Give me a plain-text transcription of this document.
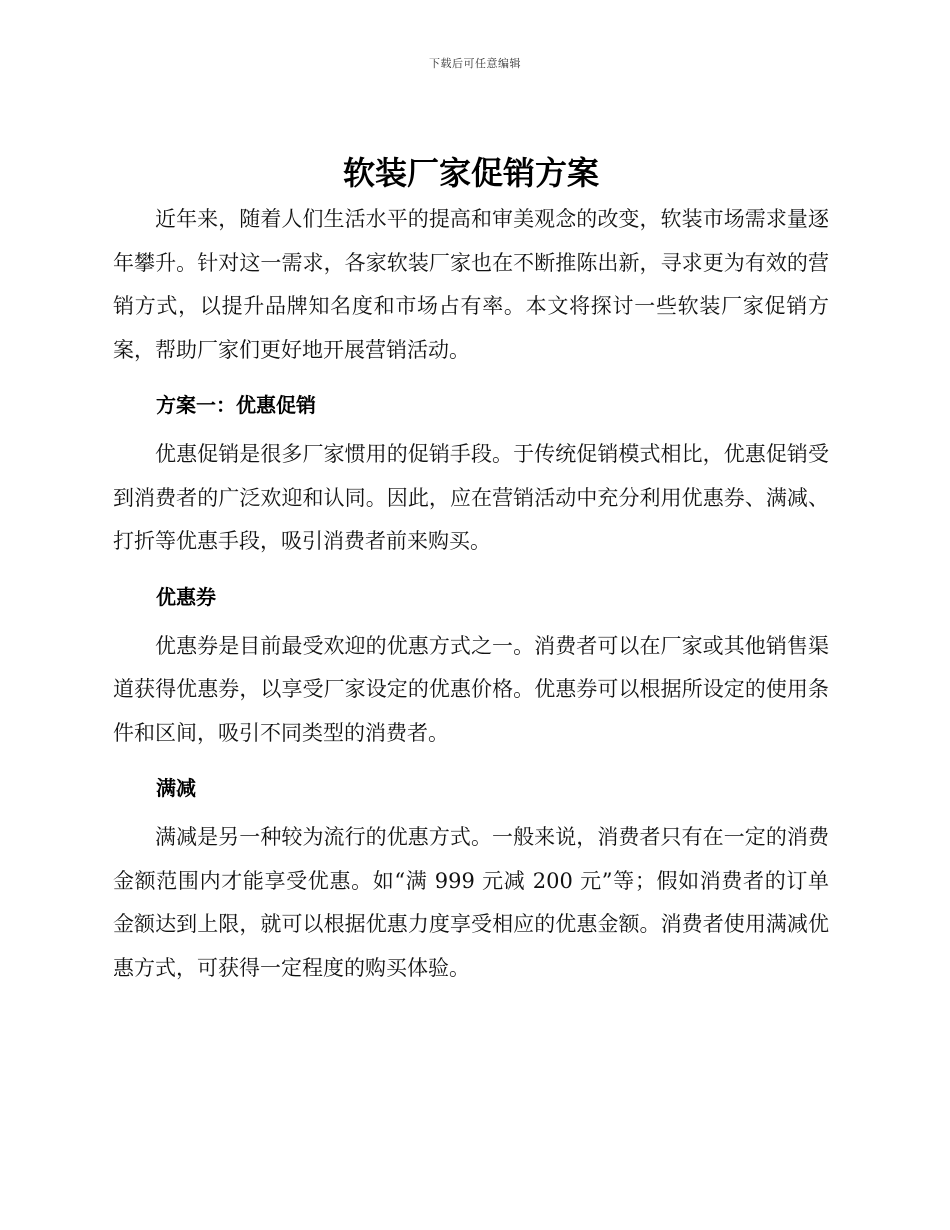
下载后可任意编辑
软装厂家促销方案

近年来，随着人们生活水平的提高和审美观念的改变，软装市场需求量逐年攀升。针对这一需求，各家软装厂家也在不断推陈出新，寻求更为有效的营销方式，以提升品牌知名度和市场占有率。本文将探讨一些软装厂家促销方案，帮助厂家们更好地开展营销活动。

方案一：优惠促销

优惠促销是很多厂家惯用的促销手段。于传统促销模式相比，优惠促销受到消费者的广泛欢迎和认同。因此，应在营销活动中充分利用优惠券、满减、打折等优惠手段，吸引消费者前来购买。

优惠券

优惠券是目前最受欢迎的优惠方式之一。消费者可以在厂家或其他销售渠道获得优惠券，以享受厂家设定的优惠价格。优惠券可以根据所设定的使用条件和区间，吸引不同类型的消费者。

满减

满减是另一种较为流行的优惠方式。一般来说，消费者只有在一定的消费金额范围内才能享受优惠。如“满 999 元减 200 元”等；假如消费者的订单金额达到上限，就可以根据优惠力度享受相应的优惠金额。消费者使用满减优惠方式，可获得一定程度的购买体验。
